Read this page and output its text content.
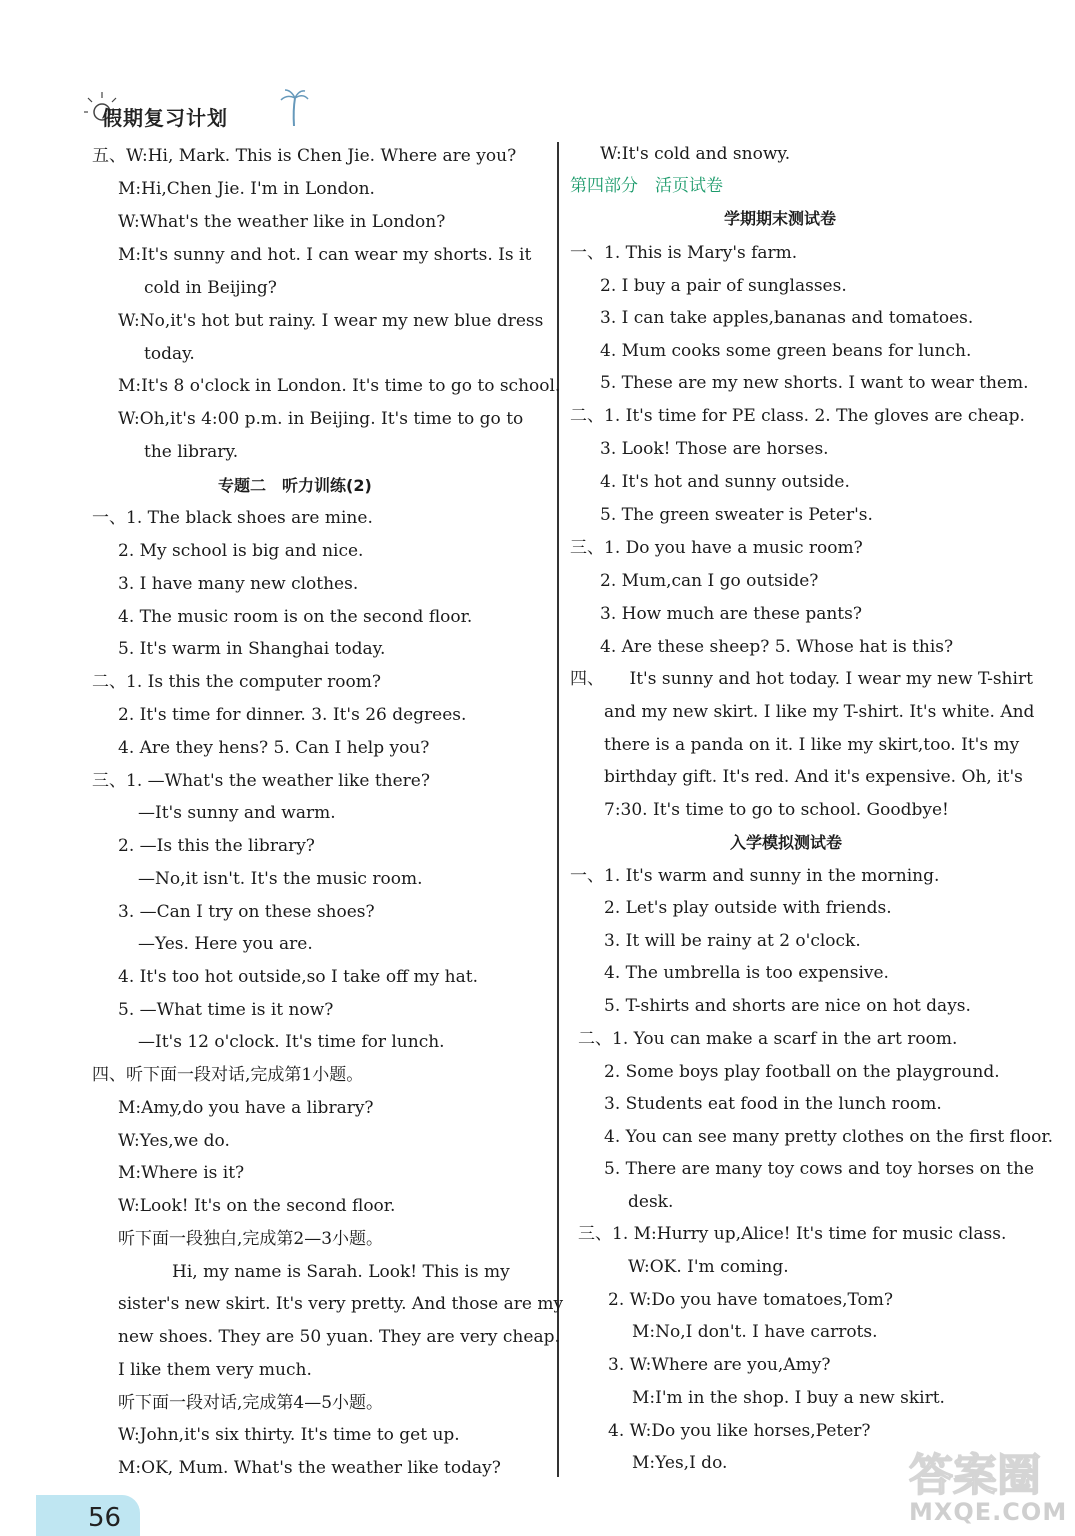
假期复习计划
五、W:Hi, Mark. This is Chen Jie. Where are you?
M:Hi,Chen Jie. I'm in London.
W:What's the weather like in London?
M:It's sunny and hot. I can wear my shorts. Is it
cold in Beijing?
W:No,it's hot but rainy. I wear my new blue dress
today.
M:It's 8 o'clock in London. It's time to go to school.
W:Oh,it's 4:00 p.m. in Beijing. It's time to go to
the library.
专题二　听力训练(2)
一、1. The black shoes are mine.
2. My school is big and nice.
3. I have many new clothes.
4. The music room is on the second floor.
5. It's warm in Shanghai today.
二、1. Is this the computer room?
2. It's time for dinner. 3. It's 26 degrees.
4. Are they hens? 5. Can I help you?
三、1. —What's the weather like there?
—It's sunny and warm.
2. —Is this the library?
—No,it isn't. It's the music room.
3. —Can I try on these shoes?
—Yes. Here you are.
4. It's too hot outside,so I take off my hat.
5. —What time is it now?
—It's 12 o'clock. It's time for lunch.
四、听下面一段对话,完成第1小题。
M:Amy,do you have a library?
W:Yes,we do.
M:Where is it?
W:Look! It's on the second floor.
听下面一段独白,完成第2—3小题。
Hi, my name is Sarah. Look! This is my
sister's new skirt. It's very pretty. And those are my
new shoes. They are 50 yuan. They are very cheap.
I like them very much.
听下面一段对话,完成第4—5小题。
W:John,it's six thirty. It's time to get up.
M:OK, Mum. What's the weather like today?
W:It's cold and snowy.
第四部分　活页试卷
学期期末测试卷
一、1. This is Mary's farm.
2. I buy a pair of sunglasses.
3. I can take apples,bananas and tomatoes.
4. Mum cooks some green beans for lunch.
5. These are my new shorts. I want to wear them.
二、1. It's time for PE class. 2. The gloves are cheap.
3. Look! Those are horses.
4. It's hot and sunny outside.
5. The green sweater is Peter's.
三、1. Do you have a music room?
2. Mum,can I go outside?
3. How much are these pants?
4. Are these sheep? 5. Whose hat is this?
四、　　It's sunny and hot today. I wear my new T-shirt
and my new skirt. I like my T-shirt. It's white. And
there is a panda on it. I like my skirt,too. It's my
birthday gift. It's red. And it's expensive. Oh, it's
7:30. It's time to go to school. Goodbye!
入学模拟测试卷
一、1. It's warm and sunny in the morning.
2. Let's play outside with friends.
3. It will be rainy at 2 o'clock.
4. The umbrella is too expensive.
5. T-shirts and shorts are nice on hot days.
二、1. You can make a scarf in the art room.
2. Some boys play football on the playground.
3. Students eat food in the lunch room.
4. You can see many pretty clothes on the first floor.
5. There are many toy cows and toy horses on the
desk.
三、1. M:Hurry up,Alice! It's time for music class.
W:OK. I'm coming.
2. W:Do you have tomatoes,Tom?
M:No,I don't. I have carrots.
3. W:Where are you,Amy?
M:I'm in the shop. I buy a new skirt.
4. W:Do you like horses,Peter?
M:Yes,I do.
56
答案圈
MXQE.COM
